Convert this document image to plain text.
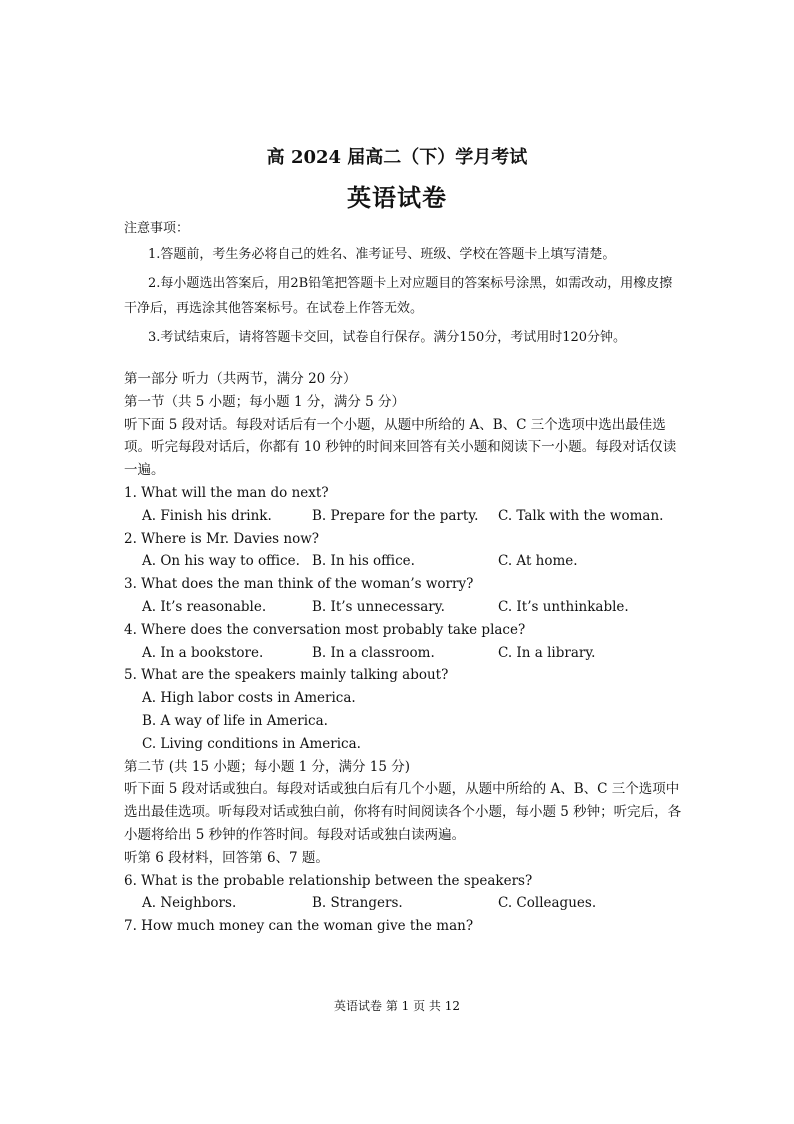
高 2024 届高二（下）学月考试
英语试卷
注意事项：
1.答题前，考生务必将自己的姓名、准考证号、班级、学校在答题卡上填写清楚。
2.每小题选出答案后，用2B铅笔把答题卡上对应题目的答案标号涂黑，如需改动，用橡皮擦干净后，再选涂其他答案标号。在试卷上作答无效。
3.考试结束后，请将答题卡交回，试卷自行保存。满分150分，考试用时120分钟。
第一部分 听力（共两节，满分 20 分）
第一节（共 5 小题；每小题 1 分，满分 5 分）
听下面 5 段对话。每段对话后有一个小题，从题中所给的 A、B、C 三个选项中选出最佳选项。听完每段对话后，你都有 10 秒钟的时间来回答有关小题和阅读下一小题。每段对话仅读一遍。
1. What will the man do next?
A. Finish his drink.	B. Prepare for the party.	C. Talk with the woman.
2. Where is Mr. Davies now?
A. On his way to office. B. In his office.	C. At home.
3. What does the man think of the woman’s worry?
A. It’s reasonable.	B. It’s unnecessary.	C. It’s unthinkable.
4. Where does the conversation most probably take place?
A. In a bookstore.	B. In a classroom.	C. In a library.
5. What are the speakers mainly talking about?
A. High labor costs in America.
B. A way of life in America.
C. Living conditions in America.
第二节 (共 15 小题；每小题 1 分，满分 15 分)
听下面 5 段对话或独白。每段对话或独白后有几个小题，从题中所给的 A、B、C 三个选项中选出最佳选项。听每段对话或独白前，你将有时间阅读各个小题，每小题 5 秒钟；听完后，各小题将给出 5 秒钟的作答时间。每段对话或独白读两遍。
听第 6 段材料，回答第 6、7 题。
6. What is the probable relationship between the speakers?
A. Neighbors.	B. Strangers.	C. Colleagues.
7. How much money can the woman give the man?
英语试卷 第 1 页 共 12
